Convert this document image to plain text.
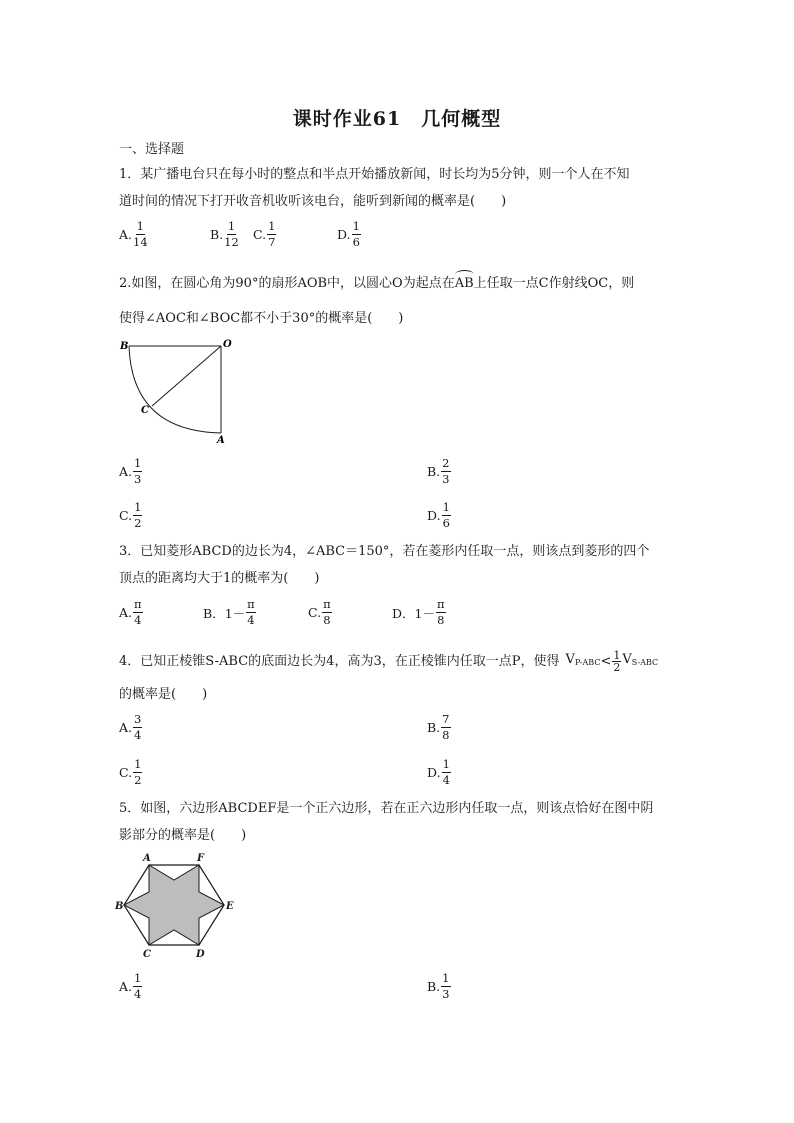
课时作业61　几何概型
一、选择题
1．某广播电台只在每小时的整点和半点开始播放新闻，时长均为5分钟，则一个人在不知
道时间的情况下打开收音机收听该电台，能听到新闻的概率是(　　)
A. $\frac{1}{14}$	B. $\frac{1}{12} C$. $\frac{1}{7}$	D. $\frac{1}{6}$
2.如图，在圆心角为90°的扇形AOB中，以圆心O为起点在AB上任取一点C作射线OC，则
使得∠AOC和∠BOC都不小于30°的概率是(　　)
B	O
C
A
A. $\frac{1}{3}$	B. $\frac{2}{3}$
C. $\frac{1}{2}$	D. $\frac{1}{6}$
3．已知菱形ABCD的边长为4，∠ABC＝150°，若在菱形内任取一点，则该点到菱形的四个
顶点的距离均大于1的概率为(　　)
A. $\frac{\pi}{4}$	B． $1- \frac{\pi}{4}$	C. $\frac{\pi}{8}$	D． $1- \frac{\pi}{8}$
4．已知正棱锥S-ABC的底面边长为4，高为3，在正棱锥内任取一点P，使得 $V_{P-ABC} < \frac{1}{2} V_{S-ABC}$
的概率是(　　)
A. $\frac{3}{4}$	B. $\frac{7}{8}$
C. $\frac{1}{2}$	D. $\frac{1}{4}$
5．如图，六边形ABCDEF是一个正六边形，若在正六边形内任取一点，则该点恰好在图中阴
影部分的概率是(　　)
A	F
B	E
C	D
A. $\frac{1}{4}$	B. $\frac{1}{3}$
